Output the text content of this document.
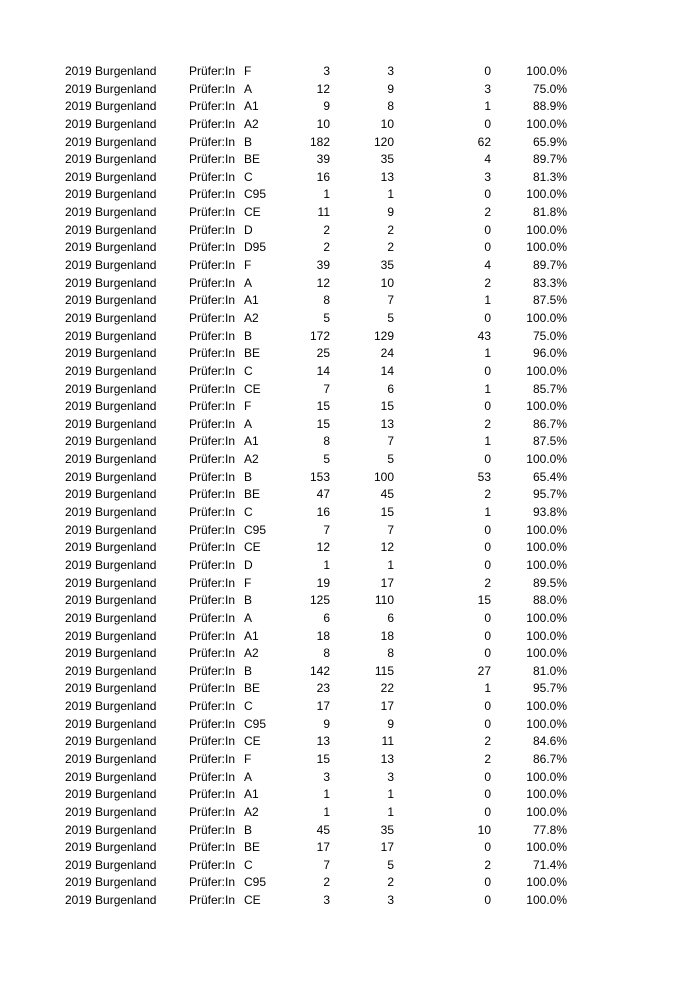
2019 Burgenland	Prüfer:In F	3	3	0	100.0%
2019 Burgenland	Prüfer:In A	12	9	3	75.0%
2019 Burgenland	Prüfer:In A1	9	8	1	88.9%
2019 Burgenland	Prüfer:In A2	10	10	0	100.0%
2019 Burgenland	Prüfer:In B	182	120	62	65.9%
2019 Burgenland	Prüfer:In BE	39	35	4	89.7%
2019 Burgenland	Prüfer:In C	16	13	3	81.3%
2019 Burgenland	Prüfer:In C95	1	1	0	100.0%
2019 Burgenland	Prüfer:In CE	11	9	2	81.8%
2019 Burgenland	Prüfer:In D	2	2	0	100.0%
2019 Burgenland	Prüfer:In D95	2	2	0	100.0%
2019 Burgenland	Prüfer:In F	39	35	4	89.7%
2019 Burgenland	Prüfer:In A	12	10	2	83.3%
2019 Burgenland	Prüfer:In A1	8	7	1	87.5%
2019 Burgenland	Prüfer:In A2	5	5	0	100.0%
2019 Burgenland	Prüfer:In B	172	129	43	75.0%
2019 Burgenland	Prüfer:In BE	25	24	1	96.0%
2019 Burgenland	Prüfer:In C	14	14	0	100.0%
2019 Burgenland	Prüfer:In CE	7	6	1	85.7%
2019 Burgenland	Prüfer:In F	15	15	0	100.0%
2019 Burgenland	Prüfer:In A	15	13	2	86.7%
2019 Burgenland	Prüfer:In A1	8	7	1	87.5%
2019 Burgenland	Prüfer:In A2	5	5	0	100.0%
2019 Burgenland	Prüfer:In B	153	100	53	65.4%
2019 Burgenland	Prüfer:In BE	47	45	2	95.7%
2019 Burgenland	Prüfer:In C	16	15	1	93.8%
2019 Burgenland	Prüfer:In C95	7	7	0	100.0%
2019 Burgenland	Prüfer:In CE	12	12	0	100.0%
2019 Burgenland	Prüfer:In D	1	1	0	100.0%
2019 Burgenland	Prüfer:In F	19	17	2	89.5%
2019 Burgenland	Prüfer:In B	125	110	15	88.0%
2019 Burgenland	Prüfer:In A	6	6	0	100.0%
2019 Burgenland	Prüfer:In A1	18	18	0	100.0%
2019 Burgenland	Prüfer:In A2	8	8	0	100.0%
2019 Burgenland	Prüfer:In B	142	115	27	81.0%
2019 Burgenland	Prüfer:In BE	23	22	1	95.7%
2019 Burgenland	Prüfer:In C	17	17	0	100.0%
2019 Burgenland	Prüfer:In C95	9	9	0	100.0%
2019 Burgenland	Prüfer:In CE	13	11	2	84.6%
2019 Burgenland	Prüfer:In F	15	13	2	86.7%
2019 Burgenland	Prüfer:In A	3	3	0	100.0%
2019 Burgenland	Prüfer:In A1	1	1	0	100.0%
2019 Burgenland	Prüfer:In A2	1	1	0	100.0%
2019 Burgenland	Prüfer:In B	45	35	10	77.8%
2019 Burgenland	Prüfer:In BE	17	17	0	100.0%
2019 Burgenland	Prüfer:In C	7	5	2	71.4%
2019 Burgenland	Prüfer:In C95	2	2	0	100.0%
2019 Burgenland	Prüfer:In CE	3	3	0	100.0%
